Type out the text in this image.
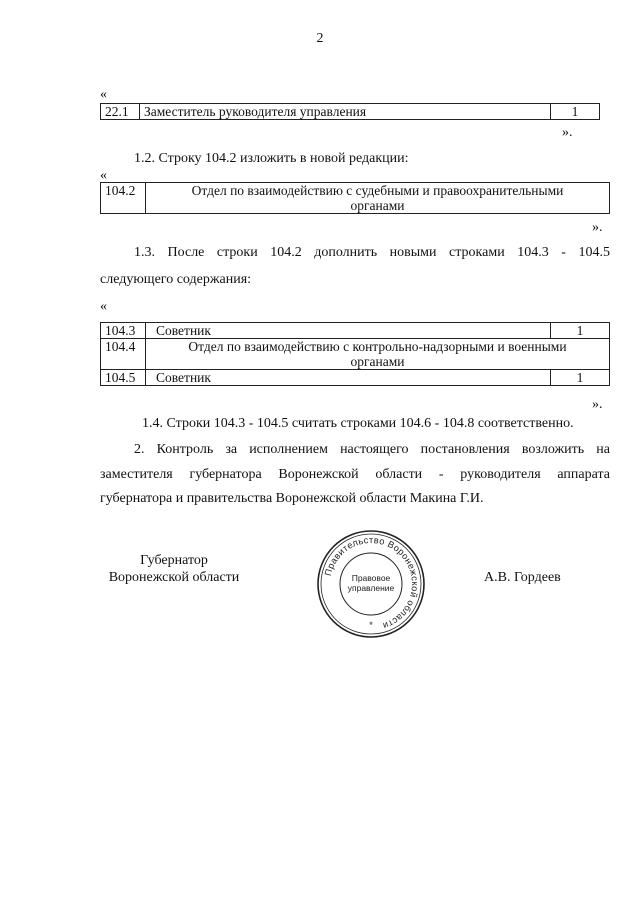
2
«
22.1	Заместитель руководителя управления	1
».
1.2. Строку 104.2 изложить в новой редакции:
«
104.2	Отдел по взаимодействию с судебными и правоохранительными
органами
».
1.3. После строки 104.2 дополнить новыми строками 104.3 - 104.5
следующего содержания:
«
104.3	Советник	1
104.4	Отдел по взаимодействию с контрольно-надзорными и военными
органами	

104.5	Советник	1
».
1.4. Строки 104.3 - 104.5 считать строками 104.6 - 104.8 соответственно.
2. Контроль за исполнением настоящего постановления возложить на
заместителя губернатора Воронежской области - руководителя аппарата
губернатора и правительства Воронежской области Макина Г.И.
Губернатор
Воронежской области	А.В. Гордеев
Правительство Воронежской области
Правовое
управление
*
